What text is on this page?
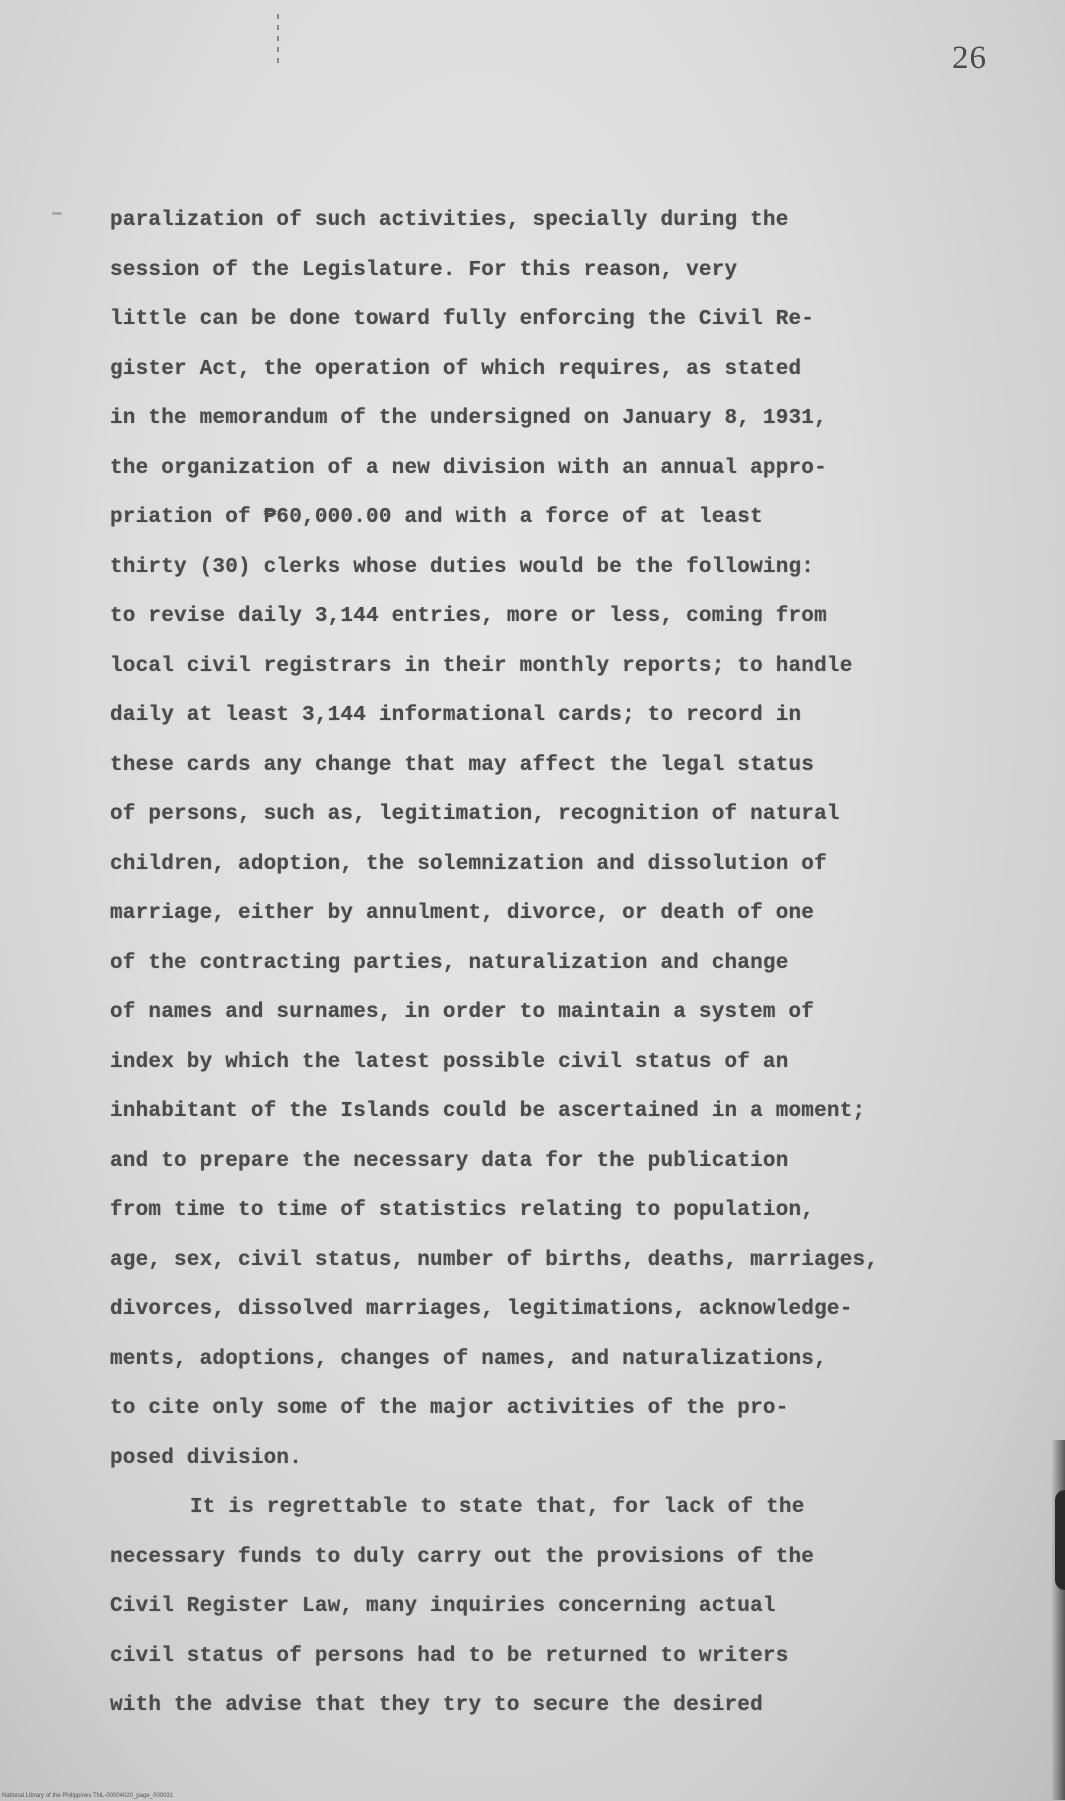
26
paralization of such activities, specially during the
session of the Legislature. For this reason, very
little can be done toward fully enforcing the Civil Re-
gister Act, the operation of which requires, as stated
in the memorandum of the undersigned on January 8, 1931,
the organization of a new division with an annual appro-
priation of ₱60,000.00 and with a force of at least
thirty (30) clerks whose duties would be the following:
to revise daily 3,144 entries, more or less, coming from
local civil registrars in their monthly reports; to handle
daily at least 3,144 informational cards; to record in
these cards any change that may affect the legal status
of persons, such as, legitimation, recognition of natural
children, adoption, the solemnization and dissolution of
marriage, either by annulment, divorce, or death of one
of the contracting parties, naturalization and change
of names and surnames, in order to maintain a system of
index by which the latest possible civil status of an
inhabitant of the Islands could be ascertained in a moment;
and to prepare the necessary data for the publication
from time to time of statistics relating to population,
age, sex, civil status, number of births, deaths, marriages,
divorces, dissolved marriages, legitimations, acknowledge-
ments, adoptions, changes of names, and naturalizations,
to cite only some of the major activities of the pro-
posed division.
It is regrettable to state that, for lack of the
necessary funds to duly carry out the provisions of the
Civil Register Law, many inquiries concerning actual
civil status of persons had to be returned to writers
with the advise that they try to secure the desired
National Library of the Philippines TNL-00004020_page_000031
